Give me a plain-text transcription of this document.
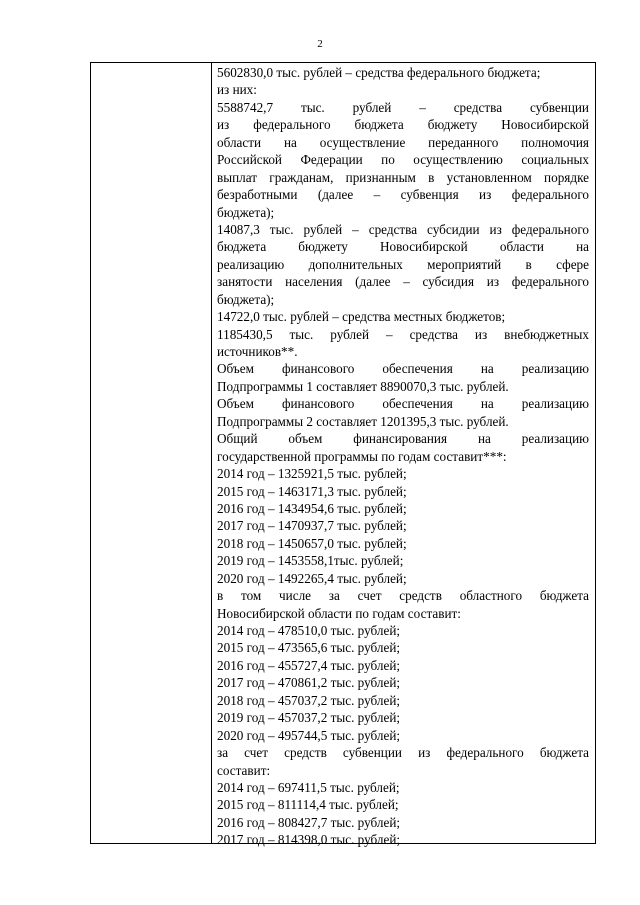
2
5602830,0 тыс. рублей – средства федерального бюджета;
из них:
5588742,7 тыс. рублей – средства субвенции
из федерального бюджета бюджету Новосибирской
области на осуществление переданного полномочия
Российской Федерации по осуществлению социальных
выплат гражданам, признанным в установленном порядке
безработными (далее – субвенция из федерального
бюджета);
14087,3 тыс. рублей – средства субсидии из федерального
бюджета бюджету Новосибирской области на
реализацию дополнительных мероприятий в сфере
занятости населения (далее – субсидия из федерального
бюджета);
14722,0 тыс. рублей – средства местных бюджетов;
1185430,5 тыс. рублей – средства из внебюджетных
источников**.
Объем финансового обеспечения на реализацию
Подпрограммы 1 составляет 8890070,3 тыс. рублей.
Объем финансового обеспечения на реализацию
Подпрограммы 2 составляет 1201395,3 тыс. рублей.
Общий объем финансирования на реализацию
государственной программы по годам составит***:
2014 год – 1325921,5 тыс. рублей;
2015 год – 1463171,3 тыс. рублей;
2016 год – 1434954,6 тыс. рублей;
2017 год – 1470937,7 тыс. рублей;
2018 год – 1450657,0 тыс. рублей;
2019 год – 1453558,1тыс. рублей;
2020 год – 1492265,4 тыс. рублей;
в том числе за счет средств областного бюджета
Новосибирской области по годам составит:
2014 год – 478510,0 тыс. рублей;
2015 год – 473565,6 тыс. рублей;
2016 год – 455727,4 тыс. рублей;
2017 год – 470861,2 тыс. рублей;
2018 год – 457037,2 тыс. рублей;
2019 год – 457037,2 тыс. рублей;
2020 год – 495744,5 тыс. рублей;
за счет средств субвенции из федерального бюджета
составит:
2014 год – 697411,5 тыс. рублей;
2015 год – 811114,4 тыс. рублей;
2016 год – 808427,7 тыс. рублей;
2017 год – 814398,0 тыс. рублей;
